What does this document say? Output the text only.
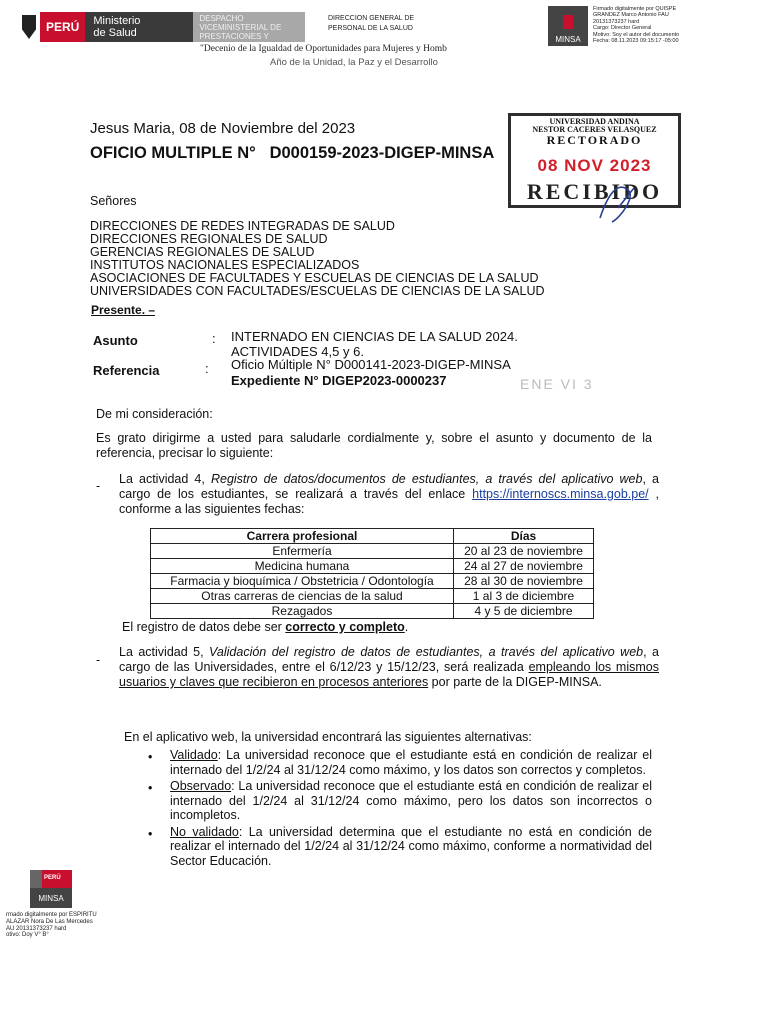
PERÚ	Ministerio
de Salud
DESPACHO VICEMINISTERIAL DE PRESTACIONES Y
DIRECCION GENERAL DE
PERSONAL DE LA SALUD
"Decenio de la Igualdad de Oportunidades para Mujeres y Homb
Año de la Unidad, la Paz y el Desarrollo
MINSA
Firmado digitalmente por QUISPE
GRANDEZ Marco Antonio FAU
20131373237 hard
Cargo: Director General
Motivo: Soy el autor del documento
Fecha: 08.11.2023 09:15:17 -05:00
UNIVERSIDAD ANDINA
NESTOR CACERES VELASQUEZ
RECTORADO
08 NOV 2023
RECIBIDO
Jesus Maria, 08 de Noviembre del 2023
OFICIO MULTIPLE N° D000159-2023-DIGEP-MINSA
Señores
DIRECCIONES DE REDES INTEGRADAS DE SALUD
DIRECCIONES REGIONALES DE SALUD
GERENCIAS REGIONALES DE SALUD
INSTITUTOS NACIONALES ESPECIALIZADOS
ASOCIACIONES DE FACULTADES Y ESCUELAS DE CIENCIAS DE LA SALUD
UNIVERSIDADES CON FACULTADES/ESCUELAS DE CIENCIAS DE LA SALUD
Presente. –
Asunto	: INTERNADO EN CIENCIAS DE LA SALUD 2024.
ACTIVIDADES 4,5 y 6.
Referencia	: Oficio Múltiple N° D000141-2023-DIGEP-MINSA
Expediente N° DIGEP2023-0000237	ENE VI 3
De mi consideración:
Es grato dirigirme a usted para saludarle cordialmente y, sobre el asunto y documento de la referencia, precisar lo siguiente:
- La actividad 4, Registro de datos/documentos de estudiantes, a través del aplicativo web, a cargo de los estudiantes, se realizará a través del enlace https://internoscs.minsa.gob.pe/ , conforme a las siguientes fechas:
Carrera profesional	Días
Enfermería	20 al 23 de noviembre
Medicina humana	24 al 27 de noviembre
Farmacia y bioquímica / Obstetricia / Odontología	28 al 30 de noviembre
Otras carreras de ciencias de la salud	1 al 3 de diciembre
Rezagados	4 y 5 de diciembre
El registro de datos debe ser correcto y completo.
-
La actividad 5, Validación del registro de datos de estudiantes, a través del aplicativo web, a cargo de las Universidades, entre el 6/12/23 y 15/12/23, será realizada empleando los mismos usuarios y claves que recibieron en procesos anteriores por parte de la DIGEP-MINSA.
En el aplicativo web, la universidad encontrará las siguientes alternativas:
• Validado: La universidad reconoce que el estudiante está en condición de realizar el internado del 1/2/24 al 31/12/24 como máximo, y los datos son correctos y completos.
• Observado: La universidad reconoce que el estudiante está en condición de realizar el internado del 1/2/24 al 31/12/24 como máximo, pero los datos son incorrectos o incompletos.
• No validado: La universidad determina que el estudiante no está en condición de realizar el internado del 1/2/24 al 31/12/24 como máximo, conforme a normatividad del Sector Educación.
PERÚ
MINSA
rmado digitalmente por ESPIRITU
ALAZAR Nora De Las Mercedes
AU 20131373237 hard
otivo: Doy V° B°
